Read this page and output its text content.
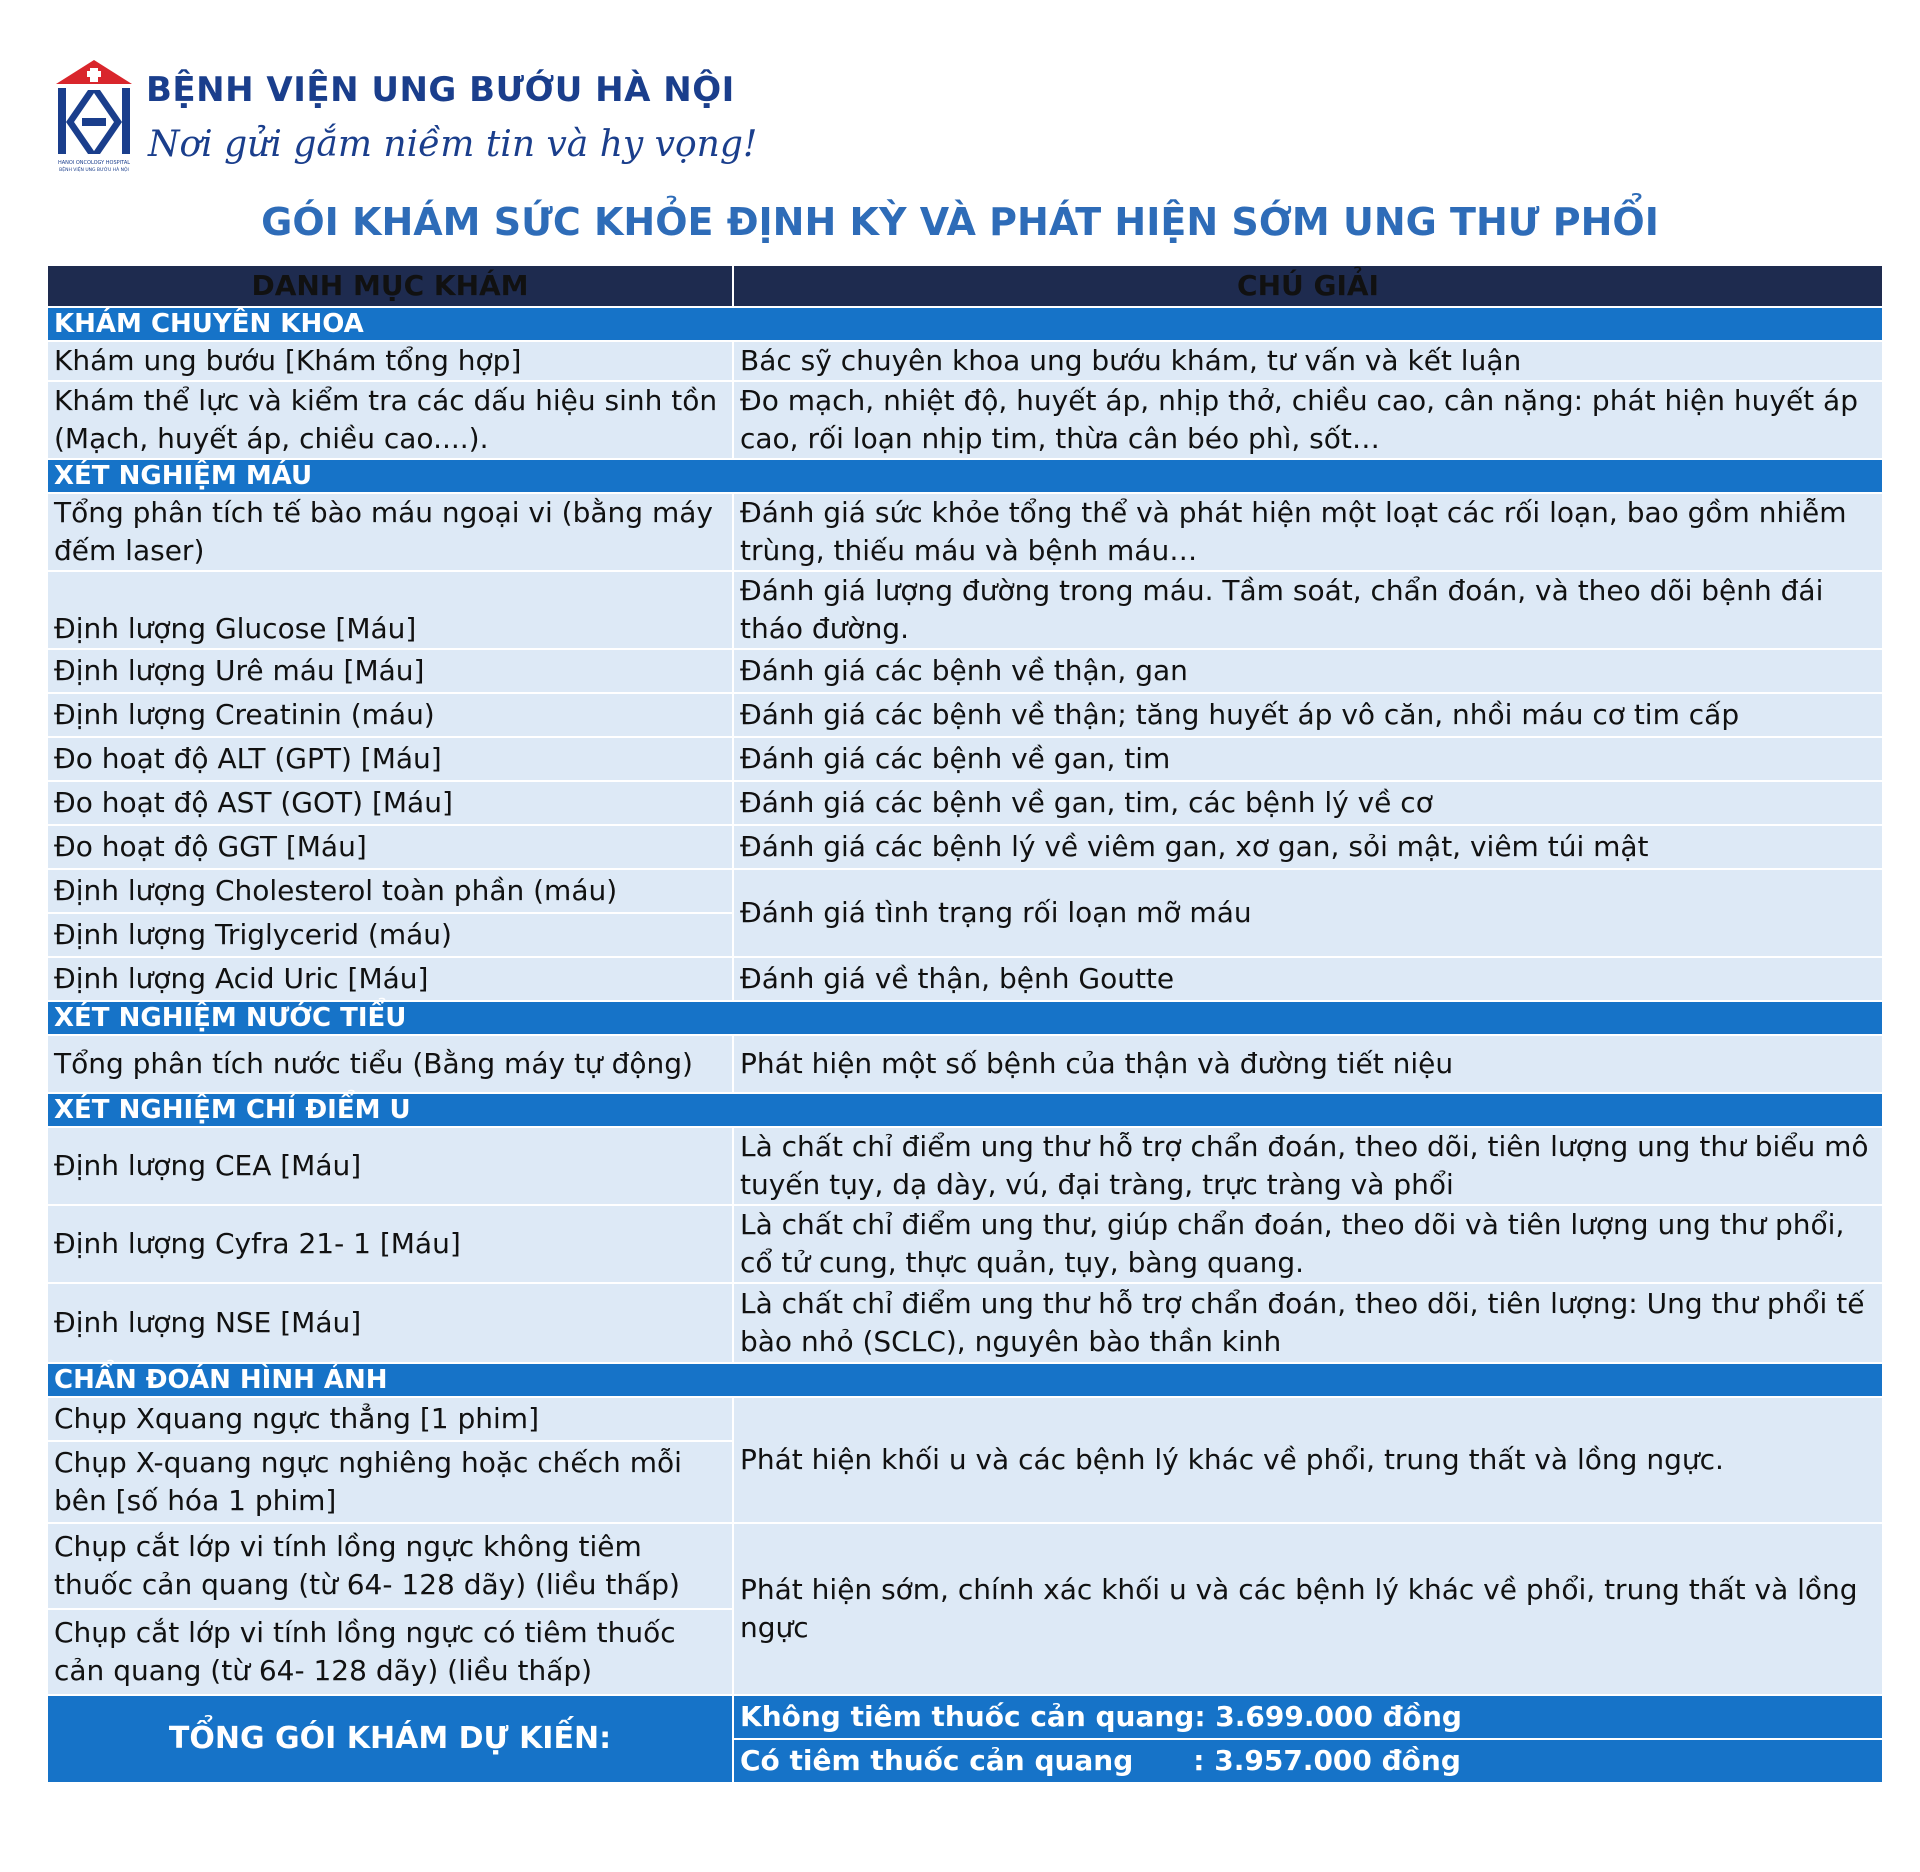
HANOI ONCOLOGY HOSPITAL
BỆNH VIỆN UNG BƯỚU HÀ NỘI
BỆNH VIỆN UNG BƯỚU HÀ NỘI
Nơi gửi gắm niềm tin và hy vọng!
GÓI KHÁM SỨC KHỎE ĐỊNH KỲ VÀ PHÁT HIỆN SỚM UNG THƯ PHỔI
DANH MỤC KHÁM	CHÚ GIẢI
KHÁM CHUYÊN KHOA	
Khám ung bướu [Khám tổng hợp]	Bác sỹ chuyên khoa ung bướu khám, tư vấn và kết luận
Khám thể lực và kiểm tra các dấu hiệu sinh tồn (Mạch, huyết áp, chiều cao....).	Đo mạch, nhiệt độ, huyết áp, nhịp thở, chiều cao, cân nặng: phát hiện huyết áp cao, rối loạn nhịp tim, thừa cân béo phì, sốt…
XÉT NGHIỆM MÁU	
Tổng phân tích tế bào máu ngoại vi (bằng máy đếm laser)	Đánh giá sức khỏe tổng thể và phát hiện một loạt các rối loạn, bao gồm nhiễm trùng, thiếu máu và bệnh máu…
Định lượng Glucose [Máu]	Đánh giá lượng đường trong máu. Tầm soát, chẩn đoán, và theo dõi bệnh đái tháo đường.
Định lượng Urê máu [Máu]	Đánh giá các bệnh về thận, gan
Định lượng Creatinin (máu)	Đánh giá các bệnh về thận; tăng huyết áp vô căn, nhồi máu cơ tim cấp
Đo hoạt độ ALT (GPT) [Máu]	Đánh giá các bệnh về gan, tim
Đo hoạt độ AST (GOT) [Máu]	Đánh giá các bệnh về gan, tim, các bệnh lý về cơ
Đo hoạt độ GGT [Máu]	Đánh giá các bệnh lý về viêm gan, xơ gan, sỏi mật, viêm túi mật
Định lượng Cholesterol toàn phần (máu)	Đánh giá tình trạng rối loạn mỡ máu
Định lượng Triglycerid (máu)	
Định lượng Acid Uric [Máu]	Đánh giá về thận, bệnh Goutte
XÉT NGHIỆM NƯỚC TIỂU	
Tổng phân tích nước tiểu (Bằng máy tự động)	Phát hiện một số bệnh của thận và đường tiết niệu
XÉT NGHIỆM CHỈ ĐIỂM U	
Định lượng CEA [Máu]	Là chất chỉ điểm ung thư hỗ trợ chẩn đoán, theo dõi, tiên lượng ung thư biểu mô tuyến tụy, dạ dày, vú, đại tràng, trực tràng và phổi
Định lượng Cyfra 21- 1 [Máu]	Là chất chỉ điểm ung thư, giúp chẩn đoán, theo dõi và tiên lượng ung thư phổi, cổ tử cung, thực quản, tụy, bàng quang.
Định lượng NSE [Máu]	Là chất chỉ điểm ung thư hỗ trợ chẩn đoán, theo dõi, tiên lượng: Ung thư phổi tế bào nhỏ (SCLC), nguyên bào thần kinh
CHẨN ĐOÁN HÌNH ẢNH	
Chụp Xquang ngực thẳng [1 phim]	Phát hiện khối u và các bệnh lý khác về phổi, trung thất và lồng ngực.
Chụp X-quang ngực nghiêng hoặc chếch mỗi bên [số hóa 1 phim]	
Chụp cắt lớp vi tính lồng ngực không tiêm thuốc cản quang (từ 64- 128 dãy) (liều thấp)	Phát hiện sớm, chính xác khối u và các bệnh lý khác về phổi, trung thất và lồng ngực
Chụp cắt lớp vi tính lồng ngực có tiêm thuốc cản quang (từ 64- 128 dãy) (liều thấp)	
TỔNG GÓI KHÁM DỰ KIẾN:	Không tiêm thuốc cản quang: 3.699.000 đồng
	Có tiêm thuốc cản quang : 3.957.000 đồng
